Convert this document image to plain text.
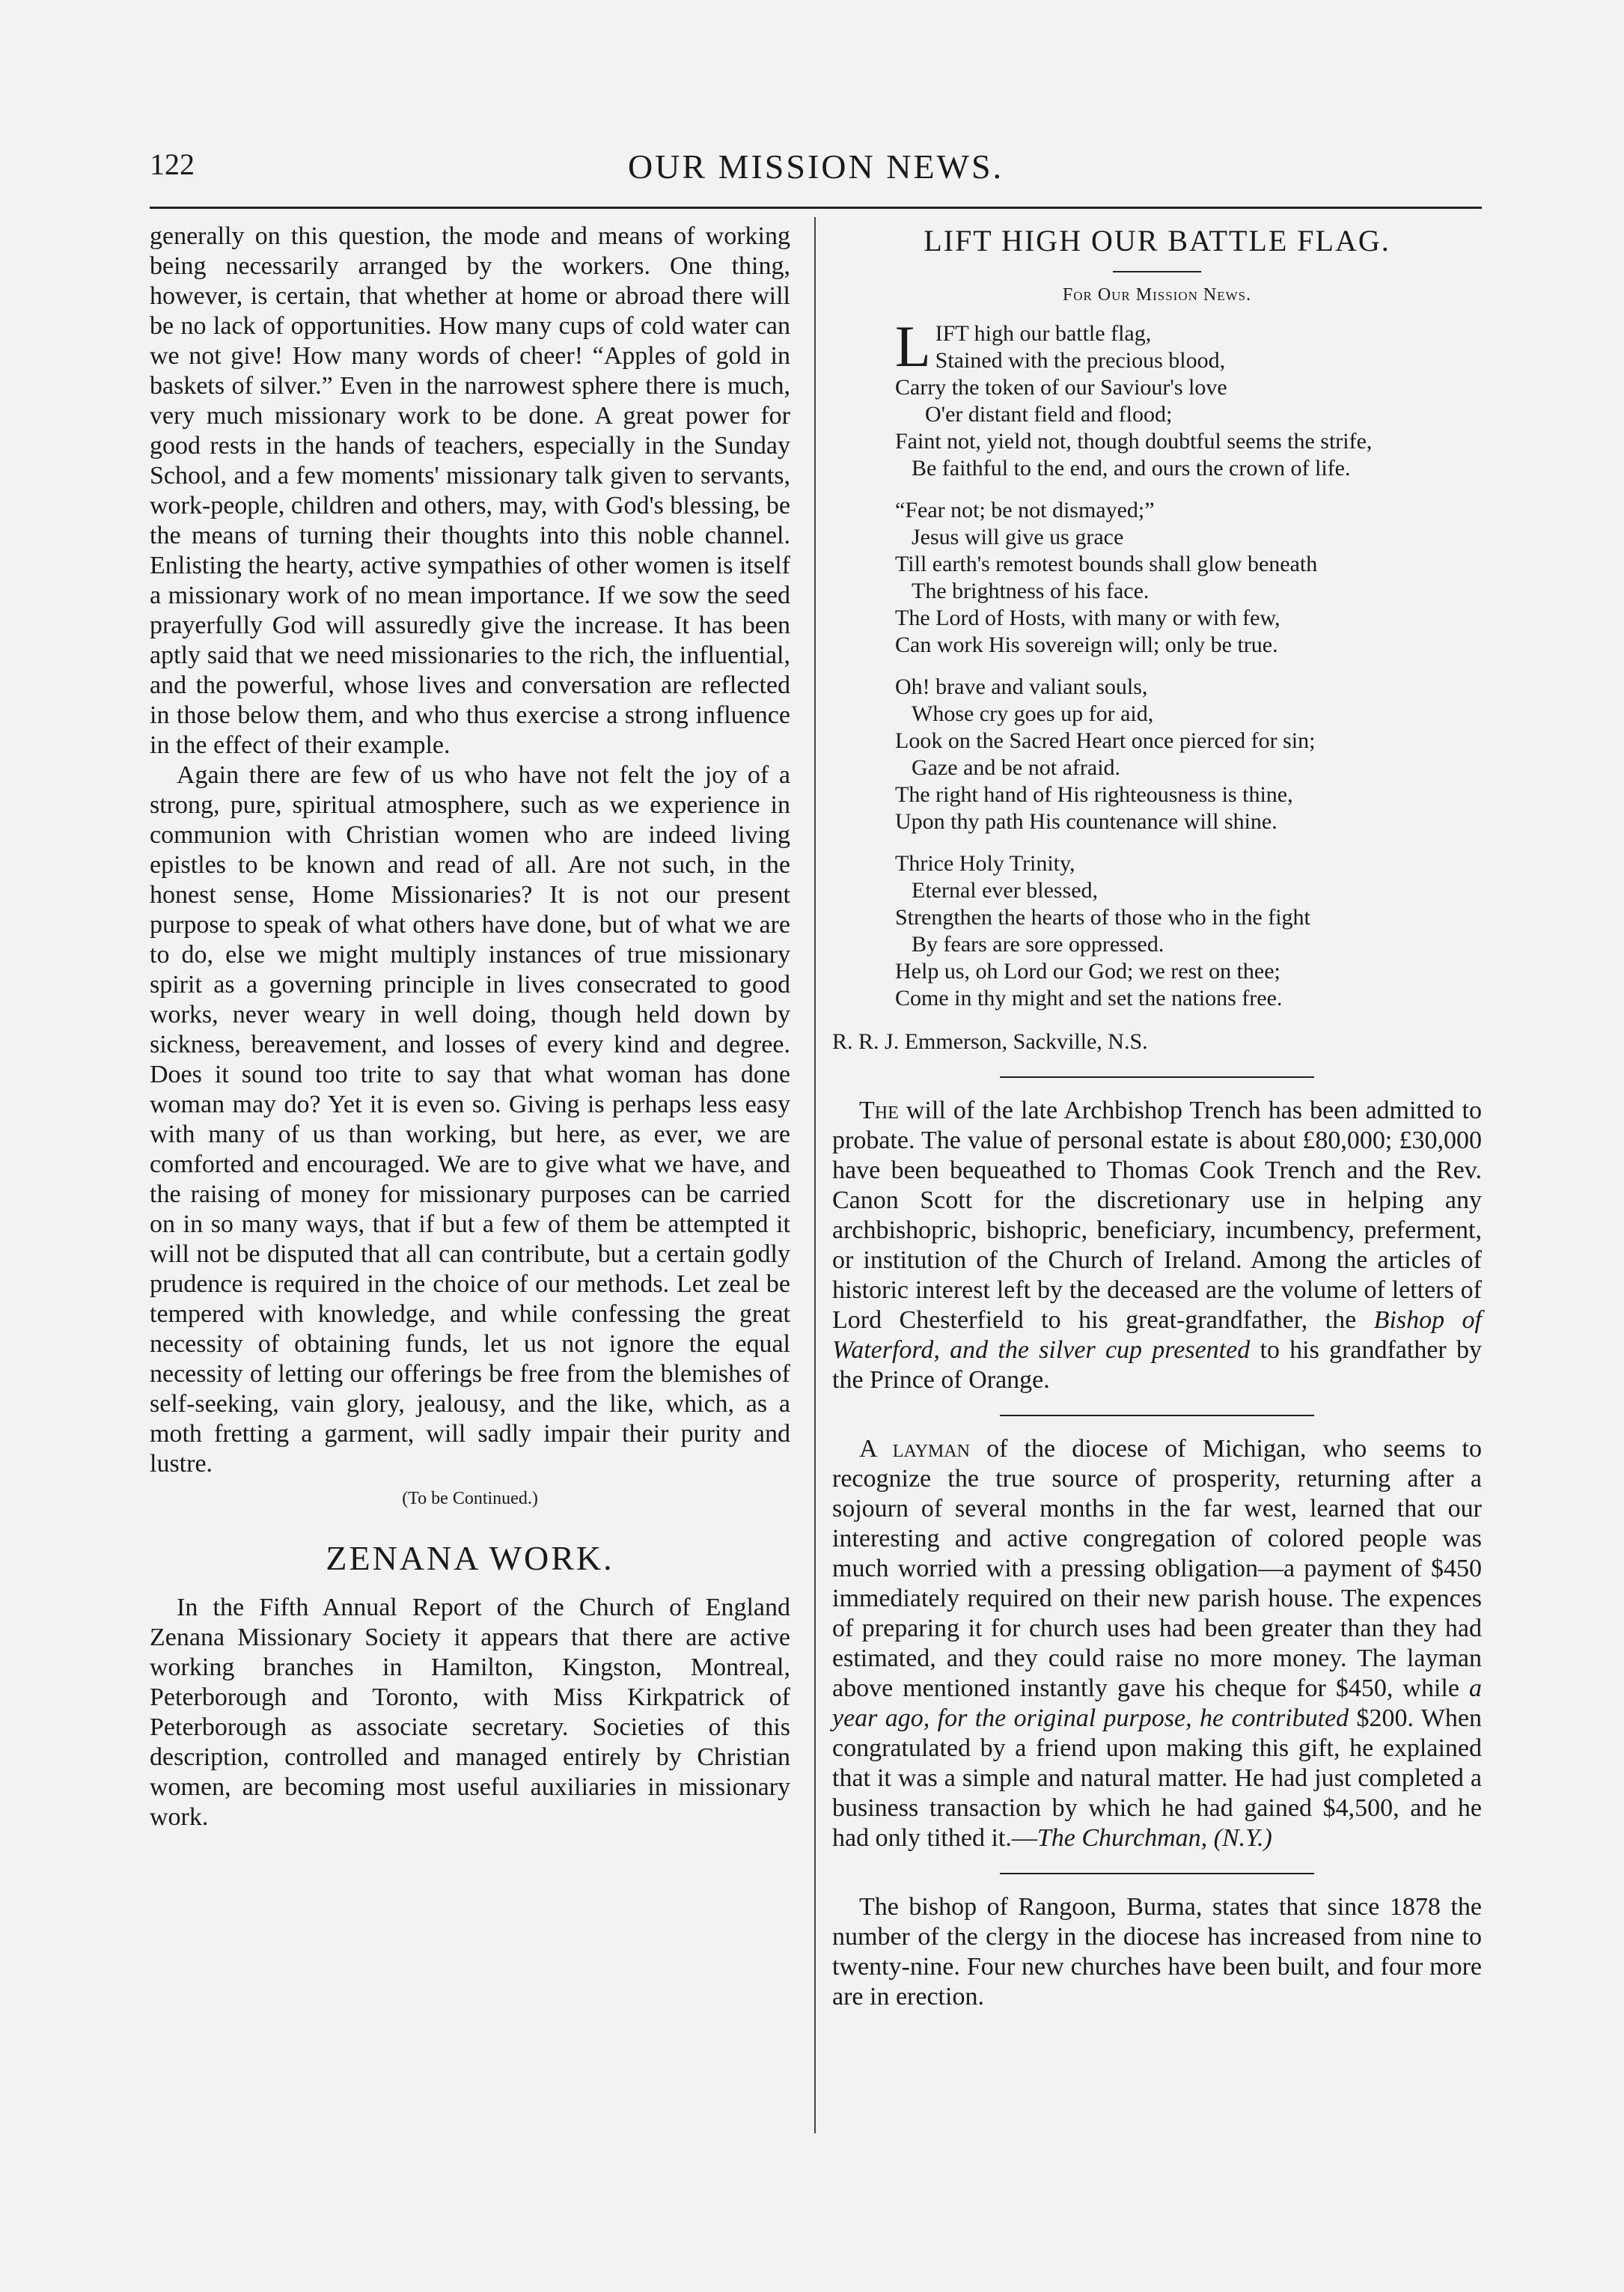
122	OUR MISSION NEWS.

generally on this question, the mode and means of working being necessarily arranged by the workers. One thing, however, is certain, that whether at home or abroad there will be no lack of opportunities. How many cups of cold water can we not give! How many words of cheer! “Apples of gold in baskets of silver.” Even in the narrowest sphere there is much, very much missionary work to be done. A great power for good rests in the hands of teachers, especially in the Sunday School, and a few moments' missionary talk given to servants, work-people, children and others, may, with God's blessing, be the means of turning their thoughts into this noble channel. Enlisting the hearty, active sympathies of other women is itself a missionary work of no mean importance. If we sow the seed prayerfully God will assuredly give the increase. It has been aptly said that we need missionaries to the rich, the influential, and the powerful, whose lives and conversation are reflected in those below them, and who thus exercise a strong influence in the effect of their example.

Again there are few of us who have not felt the joy of a strong, pure, spiritual atmosphere, such as we experience in communion with Christian women who are indeed living epistles to be known and read of all. Are not such, in the honest sense, Home Missionaries? It is not our present purpose to speak of what others have done, but of what we are to do, else we might multiply instances of true missionary spirit as a governing principle in lives consecrated to good works, never weary in well doing, though held down by sickness, bereavement, and losses of every kind and degree. Does it sound too trite to say that what woman has done woman may do? Yet it is even so. Giving is perhaps less easy with many of us than working, but here, as ever, we are comforted and encouraged. We are to give what we have, and the raising of money for missionary purposes can be carried on in so many ways, that if but a few of them be attempted it will not be disputed that all can contribute, but a certain godly prudence is required in the choice of our methods. Let zeal be tempered with knowledge, and while confessing the great necessity of obtaining funds, let us not ignore the equal necessity of letting our offerings be free from the blemishes of self-seeking, vain glory, jealousy, and the like, which, as a moth fretting a garment, will sadly impair their purity and lustre.

(To be Continued.)

ZENANA WORK.

In the Fifth Annual Report of the Church of England Zenana Missionary Society it appears that there are active working branches in Hamilton, Kingston, Montreal, Peterborough and Toronto, with Miss Kirkpatrick of Peterborough as associate secretary. Societies of this description, controlled and managed entirely by Christian women, are becoming most useful auxiliaries in missionary work.

LIFT HIGH OUR BATTLE FLAG.
For Our Mission News.
L IFT high our battle flag,
Stained with the precious blood,
Carry the token of our Saviour's love
O'er distant field and flood;
Faint not, yield not, though doubtful seems the strife,
Be faithful to the end, and ours the crown of life.
“Fear not; be not dismayed;”
Jesus will give us grace
Till earth's remotest bounds shall glow beneath
The brightness of his face.
The Lord of Hosts, with many or with few,
Can work His sovereign will; only be true.
Oh! brave and valiant souls,
Whose cry goes up for aid,
Look on the Sacred Heart once pierced for sin;
Gaze and be not afraid.
The right hand of His righteousness is thine,
Upon thy path His countenance will shine.
Thrice Holy Trinity,
Eternal ever blessed,
Strengthen the hearts of those who in the fight
By fears are sore oppressed.
Help us, oh Lord our God; we rest on thee;
Come in thy might and set the nations free.

R. R. J. Emmerson, Sackville, N.S.

The will of the late Archbishop Trench has been admitted to probate. The value of personal estate is about £80,000; £30,000 have been bequeathed to Thomas Cook Trench and the Rev. Canon Scott for the discretionary use in helping any archbishopric, bishopric, beneficiary, incumbency, preferment, or institution of the Church of Ireland. Among the articles of historic interest left by the deceased are the volume of letters of Lord Chesterfield to his great-grandfather, the Bishop of Waterford, and the silver cup presented to his grandfather by the Prince of Orange.

A layman of the diocese of Michigan, who seems to recognize the true source of prosperity, returning after a sojourn of several months in the far west, learned that our interesting and active congregation of colored people was much worried with a pressing obligation—a payment of $450 immediately required on their new parish house. The expences of preparing it for church uses had been greater than they had estimated, and they could raise no more money. The layman above mentioned instantly gave his cheque for $450, while a year ago, for the original purpose, he contributed $200. When congratulated by a friend upon making this gift, he explained that it was a simple and natural matter. He had just completed a business transaction by which he had gained $4,500, and he had only tithed it.—The Churchman, (N.Y.)

The bishop of Rangoon, Burma, states that since 1878 the number of the clergy in the diocese has increased from nine to twenty-nine. Four new churches have been built, and four more are in erection.
